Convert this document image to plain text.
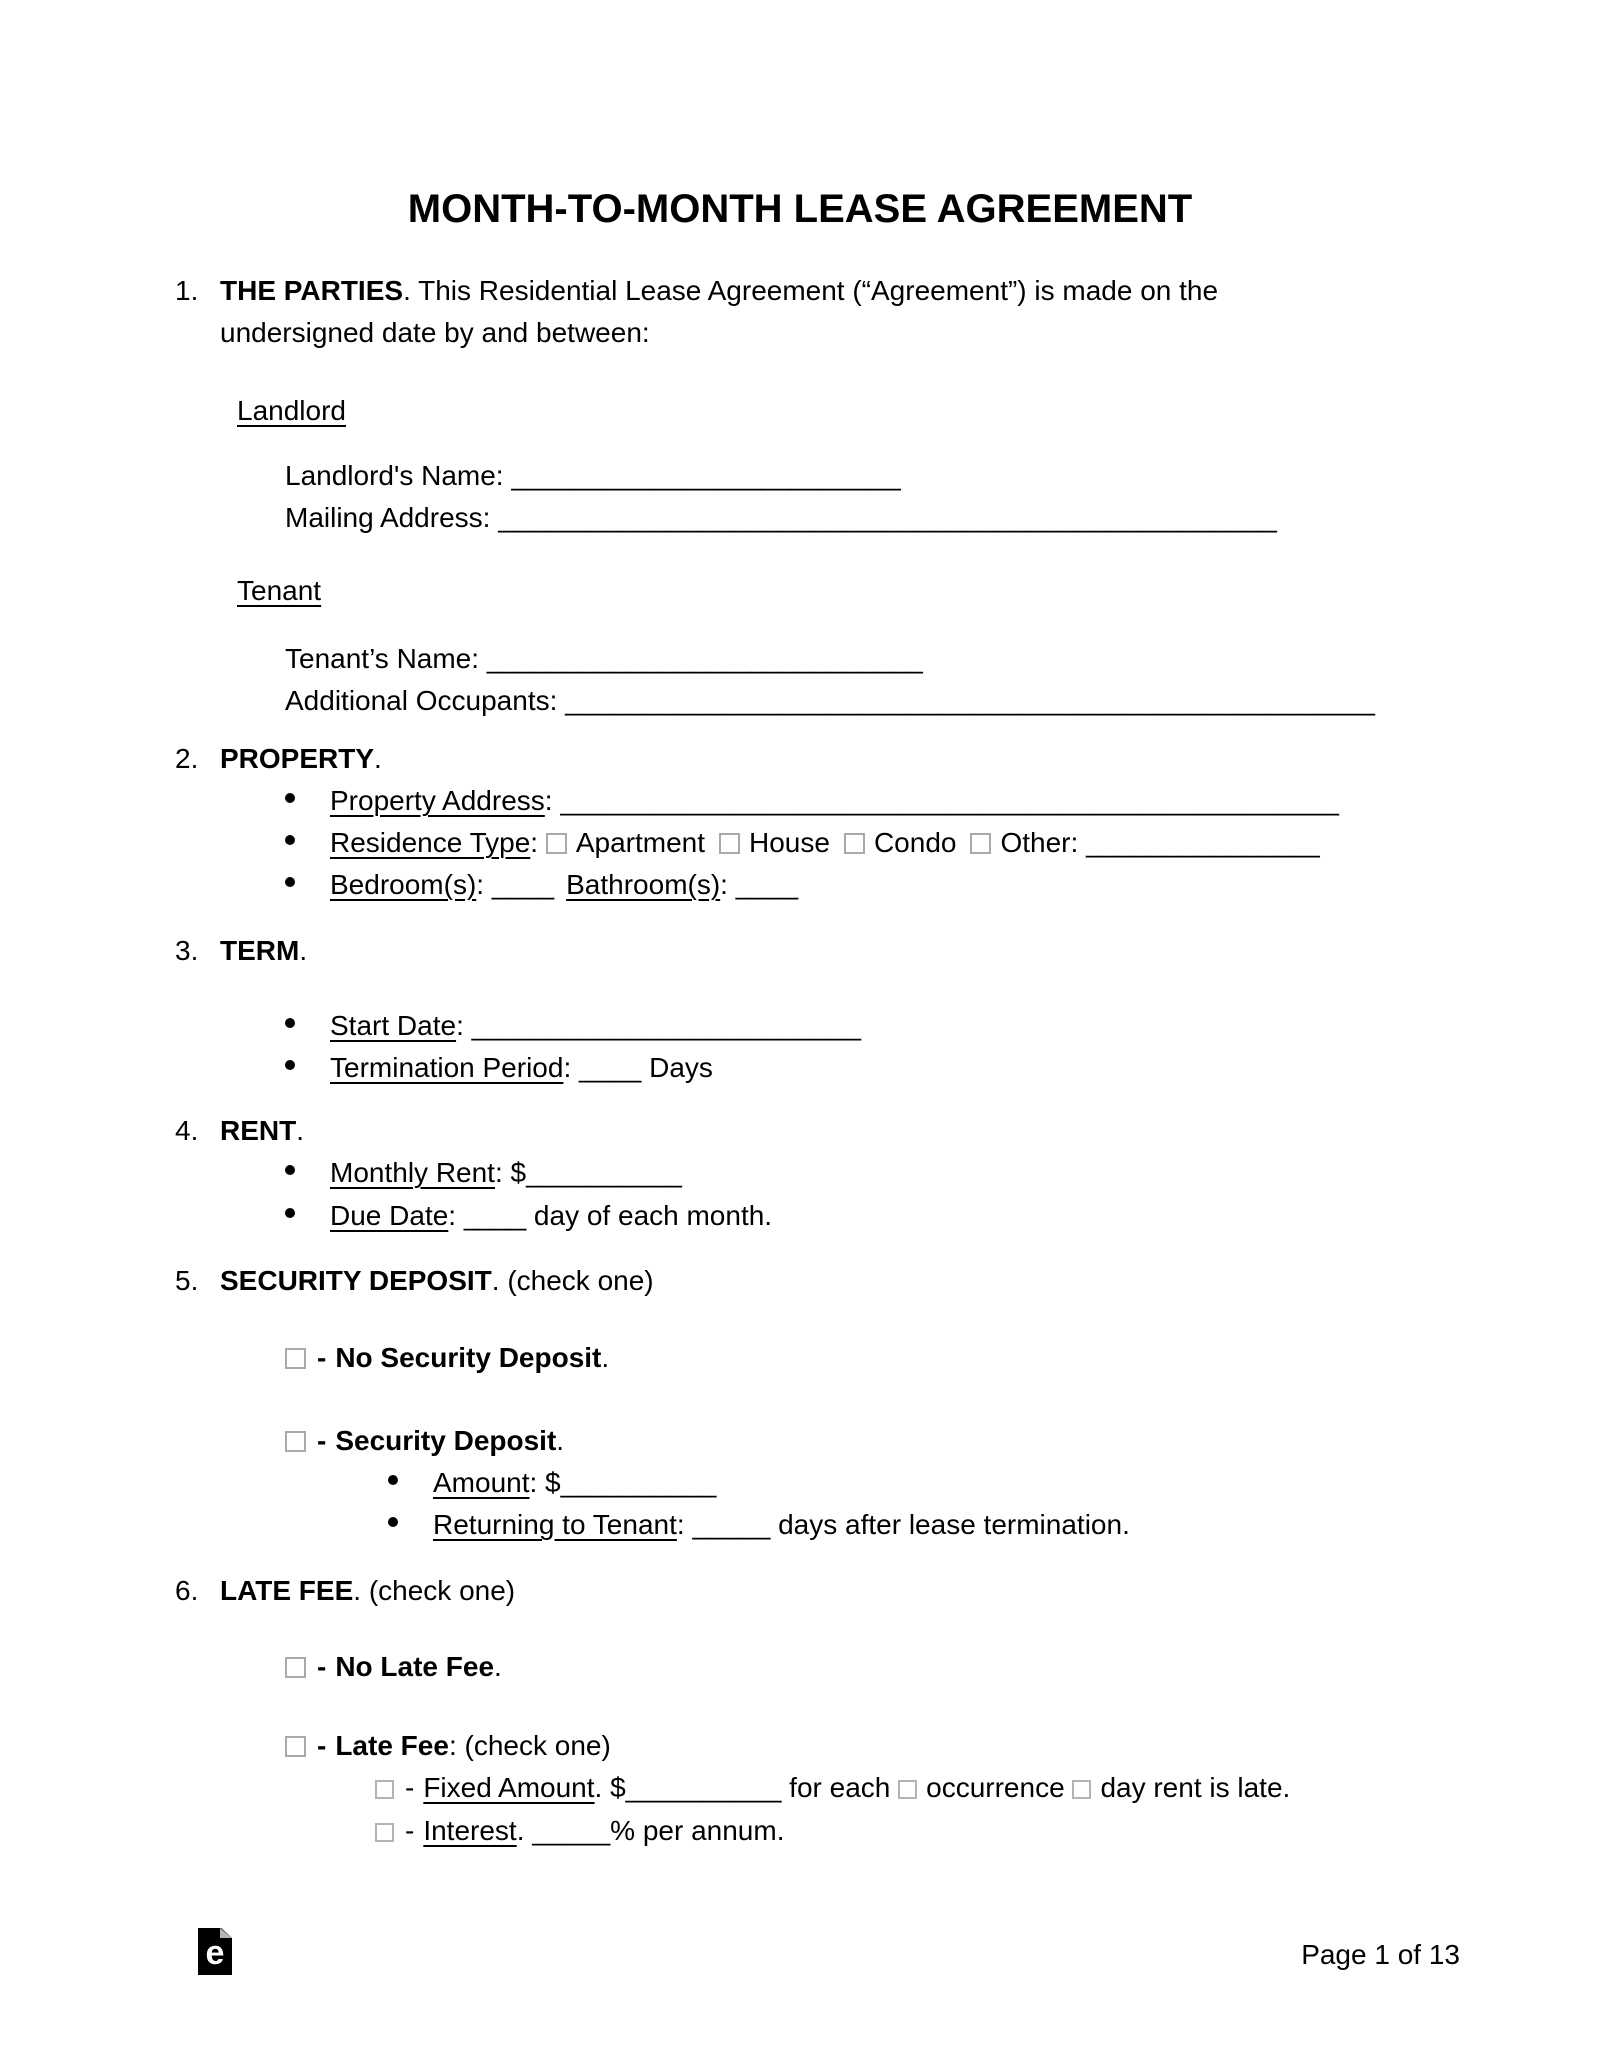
MONTH-TO-MONTH LEASE AGREEMENT
1. THE PARTIES. This Residential Lease Agreement (“Agreement”) is made on the
undersigned date by and between:
Landlord
Landlord's Name: _________________________
Mailing Address: __________________________________________________
Tenant
Tenant’s Name: ____________________________
Additional Occupants: ____________________________________________________
2. PROPERTY.
Property Address: __________________________________________________
Residence Type: Apartment House Condo Other: _______________
Bedroom(s): ____ Bathroom(s): ____
3. TERM.
Start Date: _________________________
Termination Period: ____ Days
4. RENT.
Monthly Rent: $__________
Due Date: ____ day of each month.
5. SECURITY DEPOSIT. (check one)
- No Security Deposit.
- Security Deposit.
Amount: $__________
Returning to Tenant: _____ days after lease termination.
6. LATE FEE. (check one)
- No Late Fee.
- Late Fee: (check one)
- Fixed Amount. $__________ for each occurrence day rent is late.
- Interest. _____% per annum.
e	Page 1 of 13
